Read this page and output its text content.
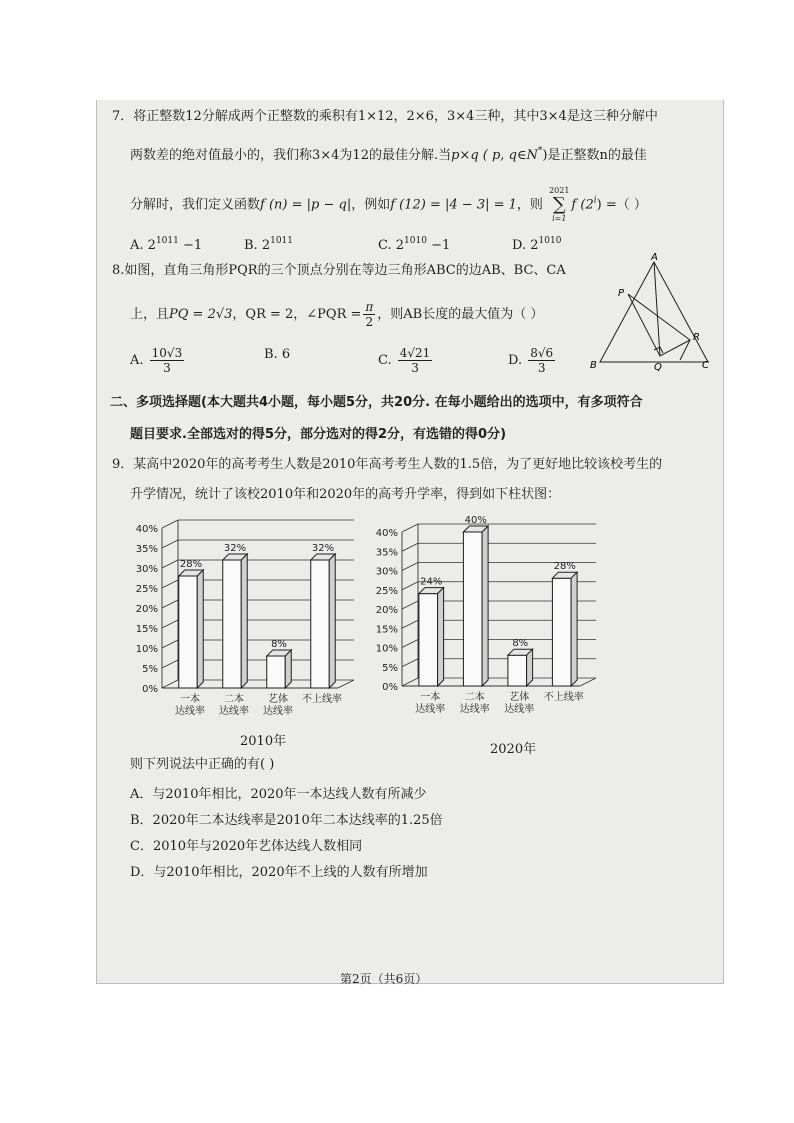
7．将正整数12分解成两个正整数的乘积有1×12，2×6，3×4三种，其中3×4是这三种分解中
两数差的绝对值最小的，我们称3×4为12的最佳分解.当p×q ( p, q∈N*)是正整数n的最佳
分解时，我们定义函数f (n) = |p − q|，例如f (12) = |4 − 3| = 1，则
2021
∑
i=1
f $(2^i)$ =（ ）
A. $2^{1011} -1$	B. $2^{1011}$	C. $2^{1010} -1$	D. $2^{1010}$
8.如图，直角三角形PQR的三个顶点分别在等边三角形ABC的边AB、BC、CA
上，且PQ = 2√3，QR = 2，∠PQR = $\frac{\pi}{2}$ ，则AB长度的最大值为（ ）
A. $\frac{10√3}{3}$	B. 6	C. $\frac{4√21}{3}$	D. $\frac{8√6}{3}$
A
B	C
P
Q
R
二、多项选择题(本大题共4小题，每小题5分，共20分. 在每小题给出的选项中，有多项符合
题目要求.全部选对的得5分，部分选对的得2分，有选错的得0分)
9．某高中2020年的高考考生人数是2010年高考考生人数的1.5倍，为了更好地比较该校考生的
升学情况，统计了该校2010年和2020年的高考升学率，得到如下柱状图：
0%
5%
10%
15%
20%
25%
30%
35%
40%
28%
一本
达线率
32%
二本
达线率
8%
艺体
达线率
32%
不上线率
0%
5%
10%
15%
20%
25%
30%
35%
40%
24%
一本
达线率
40%
二本
达线率
8%
艺体
达线率
28%
不上线率
2010年
2020年
则下列说法中正确的有( )
A．与2010年相比，2020年一本达线人数有所减少
B．2020年二本达线率是2010年二本达线率的1.25倍
C．2010年与2020年艺体达线人数相同
D．与2010年相比，2020年不上线的人数有所增加
第2页（共6页）
